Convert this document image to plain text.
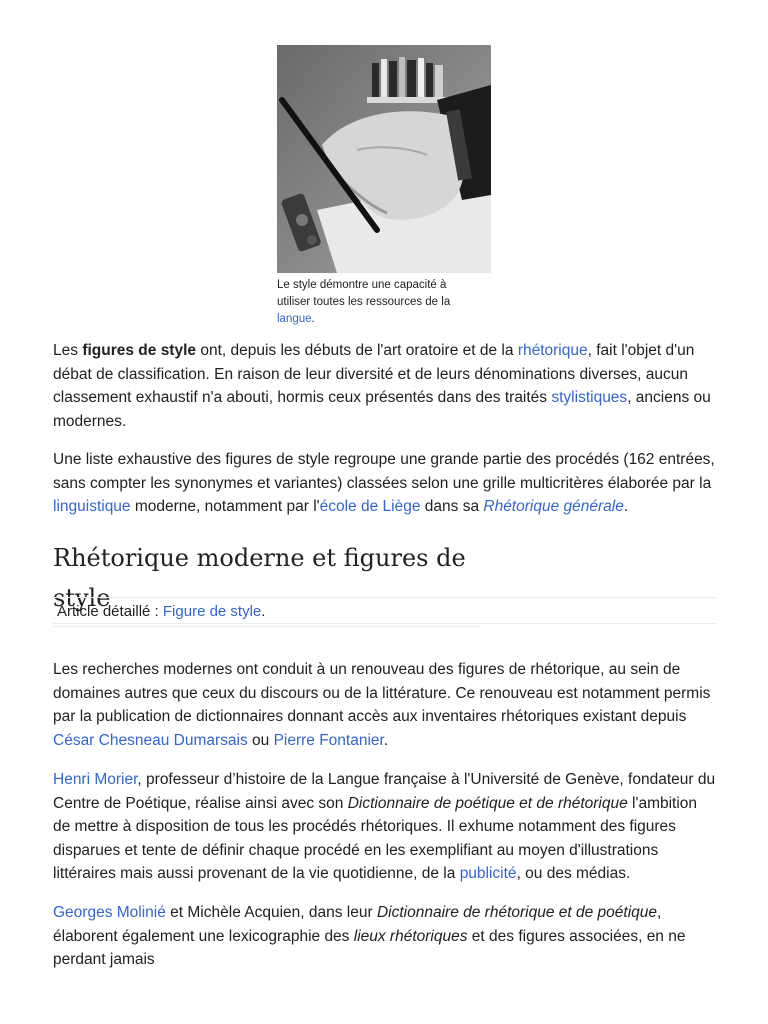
Le style démontre une capacité à utiliser toutes les ressources de la langue.

Les figures de style ont, depuis les débuts de l'art oratoire et de la rhétorique, fait l'objet d'un débat de classification. En raison de leur diversité et de leurs dénominations diverses, aucun classement exhaustif n'a abouti, hormis ceux présentés dans des traités stylistiques, anciens ou modernes.

Une liste exhaustive des figures de style regroupe une grande partie des procédés (162 entrées, sans compter les synonymes et variantes) classées selon une grille multicritères élaborée par la linguistique moderne, notamment par l'école de Liège dans sa Rhétorique générale.

Rhétorique moderne et figures de style
Article détaillé : Figure de style.

Les recherches modernes ont conduit à un renouveau des figures de rhétorique, au sein de domaines autres que ceux du discours ou de la littérature. Ce renouveau est notamment permis par la publication de dictionnaires donnant accès aux inventaires rhétoriques existant depuis César Chesneau Dumarsais ou Pierre Fontanier.

Henri Morier, professeur d’histoire de la Langue française à l'Université de Genève, fondateur du Centre de Poétique, réalise ainsi avec son Dictionnaire de poétique et de rhétorique l'ambition de mettre à disposition de tous les procédés rhétoriques. Il exhume notamment des figures disparues et tente de définir chaque procédé en les exemplifiant au moyen d'illustrations littéraires mais aussi provenant de la vie quotidienne, de la publicité, ou des médias.

Georges Molinié et Michèle Acquien, dans leur Dictionnaire de rhétorique et de poétique, élaborent également une lexicographie des lieux rhétoriques et des figures associées, en ne perdant jamais
